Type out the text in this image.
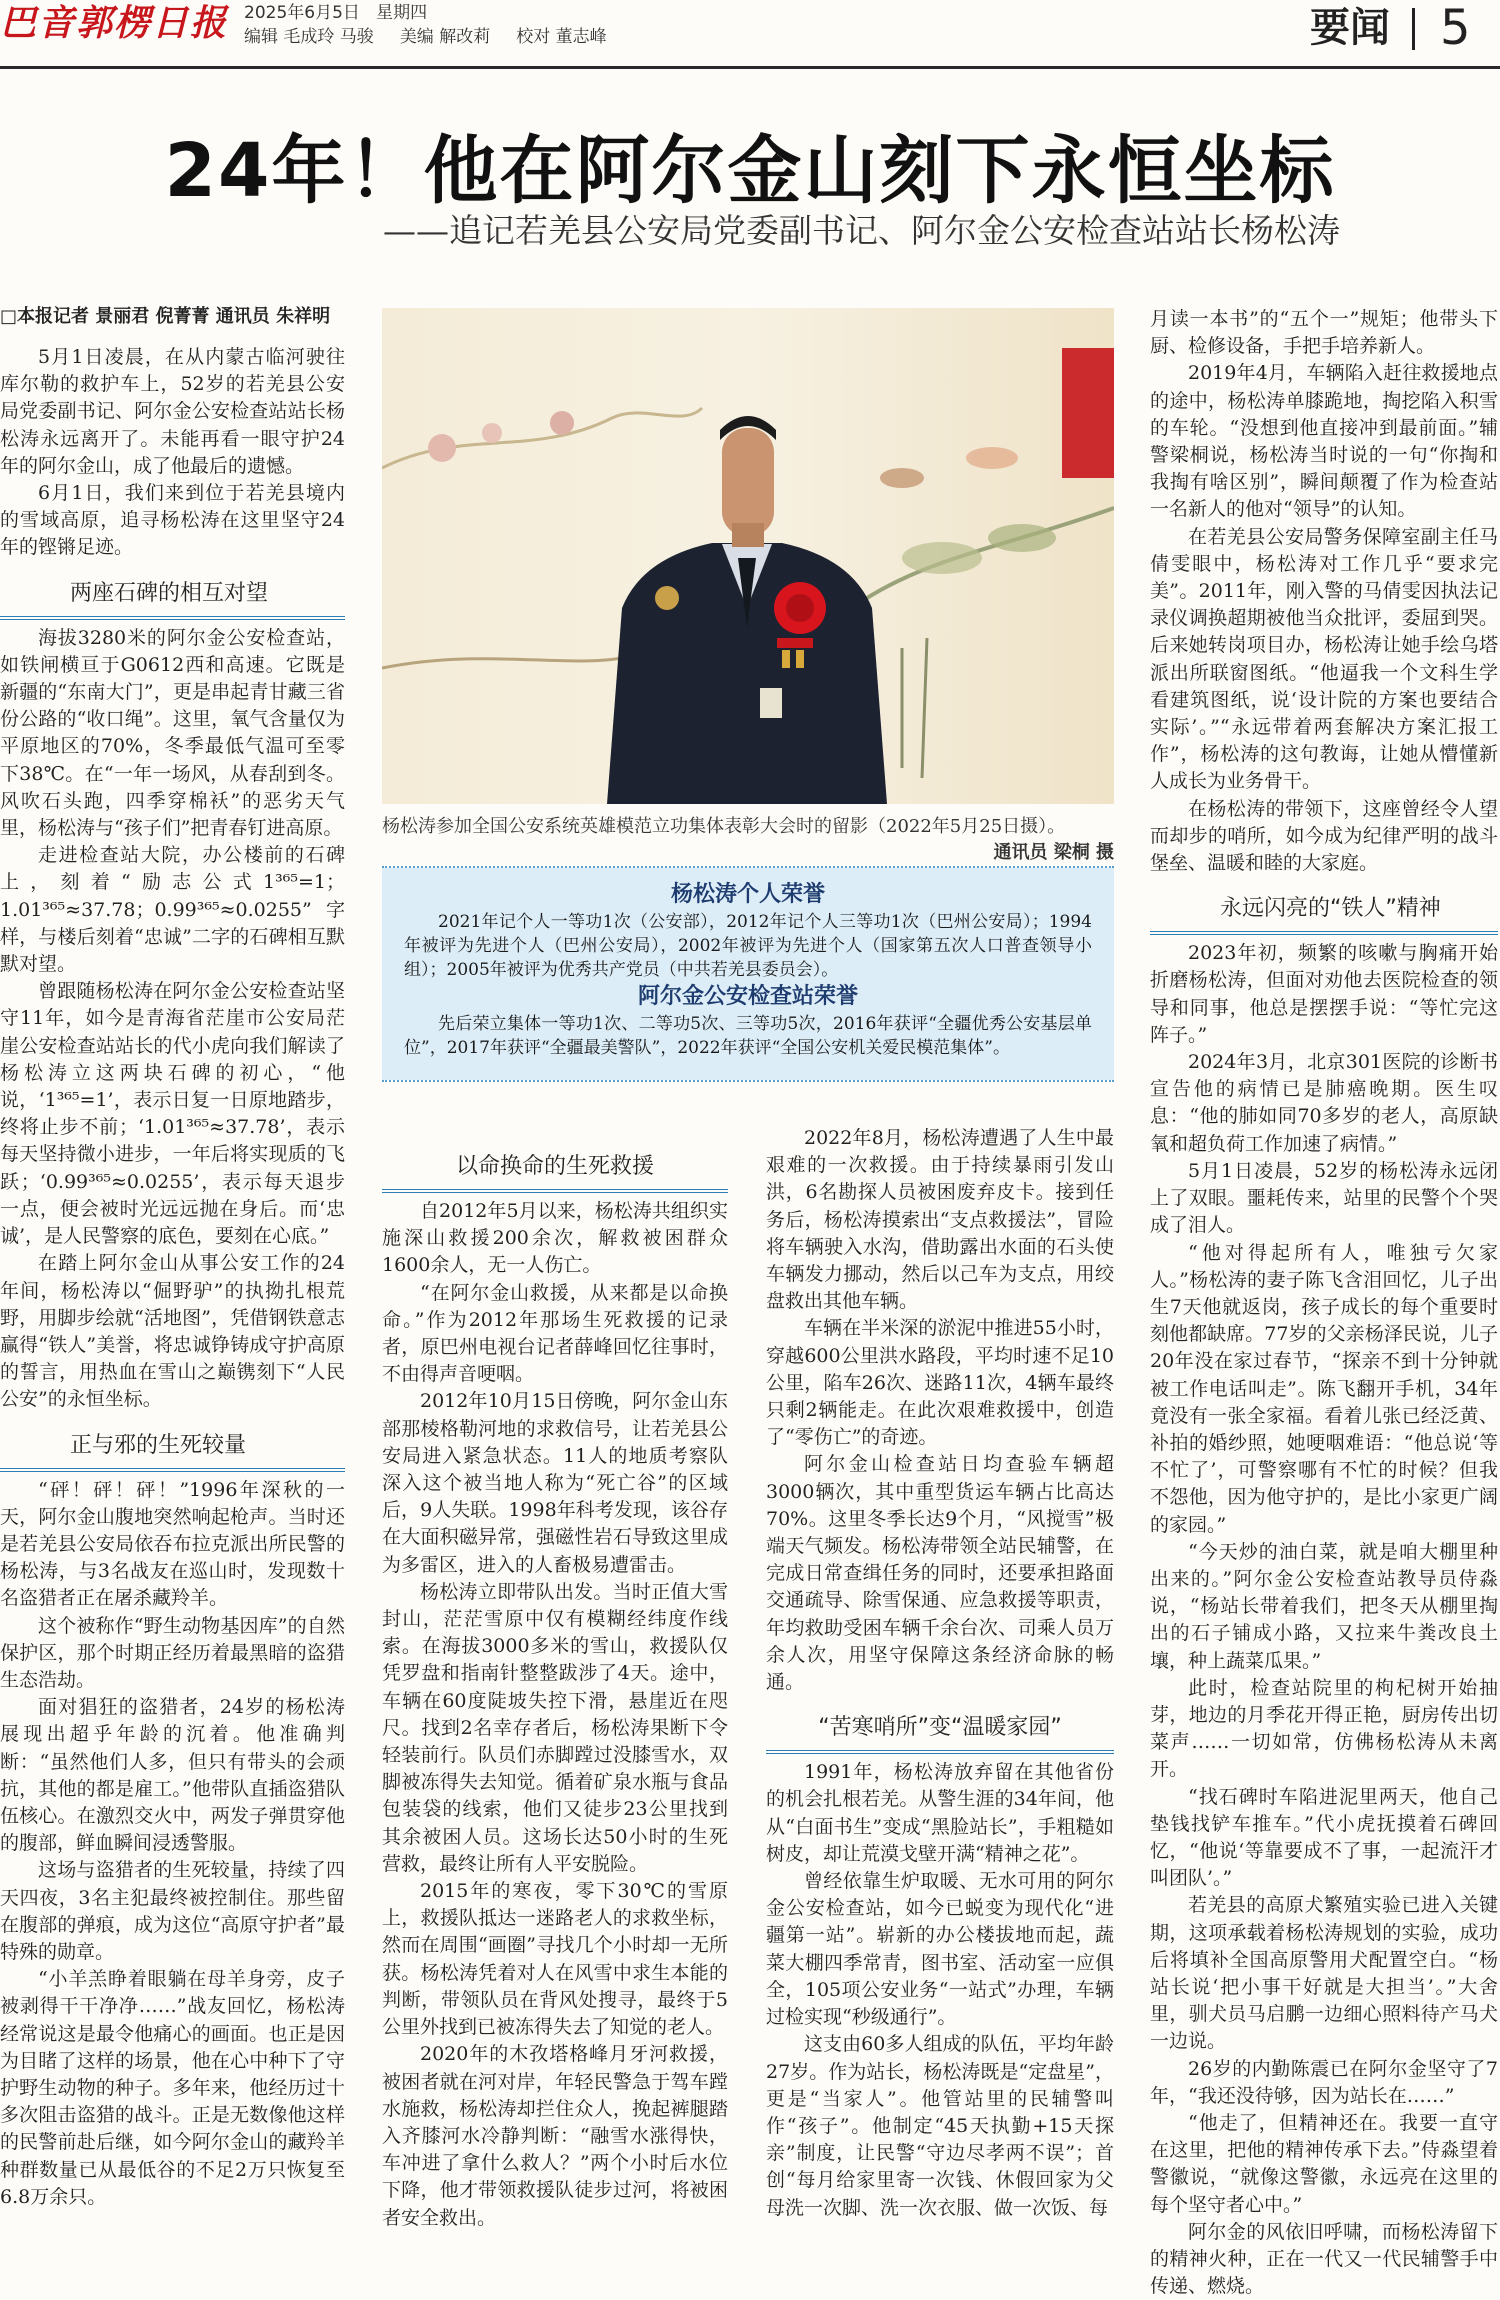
巴音郭楞日报 2025年6月5日 星期四
编辑 毛成玲 马骏 美编 解改莉 校对 董志峰	要闻 5
24年！他在阿尔金山刻下永恒坐标
——追记若羌县公安局党委副书记、阿尔金公安检查站站长杨松涛

□本报记者 景丽君 倪菁菁 通讯员 朱祥明

5月1日凌晨，在从内蒙古临河驶往库尔勒的救护车上，52岁的若羌县公安局党委副书记、阿尔金公安检查站站长杨松涛永远离开了。未能再看一眼守护24年的阿尔金山，成了他最后的遗憾。

6月1日，我们来到位于若羌县境内的雪域高原，追寻杨松涛在这里坚守24年的铿锵足迹。

两座石碑的相互对望

海拔3280米的阿尔金公安检查站，如铁闸横亘于G0612西和高速。它既是新疆的“东南大门”，更是串起青甘藏三省份公路的“收口绳”。这里，氧气含量仅为平原地区的70%，冬季最低气温可至零下38℃。在“一年一场风，从春刮到冬。风吹石头跑，四季穿棉袄”的恶劣天气里，杨松涛与“孩子们”把青春钉进高原。

走进检查站大院，办公楼前的石碑上，刻着“励志公式1³⁶⁵=1；1.01³⁶⁵≈37.78；0.99³⁶⁵≈0.0255”字样，与楼后刻着“忠诚”二字的石碑相互默默对望。

曾跟随杨松涛在阿尔金公安检查站坚守11年，如今是青海省茫崖市公安局茫崖公安检查站站长的代小虎向我们解读了杨松涛立这两块石碑的初心，“他说，‘1³⁶⁵=1’，表示日复一日原地踏步，终将止步不前；‘1.01³⁶⁵≈37.78’，表示每天坚持微小进步，一年后将实现质的飞跃；‘0.99³⁶⁵≈0.0255’，表示每天退步一点，便会被时光远远抛在身后。而‘忠诚’，是人民警察的底色，要刻在心底。”

在踏上阿尔金山从事公安工作的24年间，杨松涛以“倔野驴”的执拗扎根荒野，用脚步绘就“活地图”，凭借钢铁意志赢得“铁人”美誉，将忠诚铮铸成守护高原的誓言，用热血在雪山之巅镌刻下“人民公安”的永恒坐标。

正与邪的生死较量

“砰！砰！砰！”1996年深秋的一天，阿尔金山腹地突然响起枪声。当时还是若羌县公安局依吞布拉克派出所民警的杨松涛，与3名战友在巡山时，发现数十名盗猎者正在屠杀藏羚羊。

这个被称作“野生动物基因库”的自然保护区，那个时期正经历着最黑暗的盗猎生态浩劫。

面对猖狂的盗猎者，24岁的杨松涛展现出超乎年龄的沉着。他准确判断：“虽然他们人多，但只有带头的会顽抗，其他的都是雇工。”他带队直插盗猎队伍核心。在激烈交火中，两发子弹贯穿他的腹部，鲜血瞬间浸透警服。

这场与盗猎者的生死较量，持续了四天四夜，3名主犯最终被控制住。那些留在腹部的弹痕，成为这位“高原守护者”最特殊的勋章。

“小羊羔睁着眼躺在母羊身旁，皮子被剥得干干净净……”战友回忆，杨松涛经常说这是最令他痛心的画面。也正是因为目睹了这样的场景，他在心中种下了守护野生动物的种子。多年来，他经历过十多次阻击盗猎的战斗。正是无数像他这样的民警前赴后继，如今阿尔金山的藏羚羊种群数量已从最低谷的不足2万只恢复至6.8万余只。

杨松涛参加全国公安系统英雄模范立功集体表彰大会时的留影（2022年5月25日摄）。
通讯员 梁桐 摄
杨松涛个人荣誉

2021年记个人一等功1次（公安部），2012年记个人三等功1次（巴州公安局）；1994年被评为先进个人（巴州公安局），2002年被评为先进个人（国家第五次人口普查领导小组）；2005年被评为优秀共产党员（中共若羌县委员会）。

阿尔金公安检查站荣誉

先后荣立集体一等功1次、二等功5次、三等功5次，2016年获评“全疆优秀公安基层单位”，2017年获评“全疆最美警队”，2022年获评“全国公安机关爱民模范集体”。

以命换命的生死救援

自2012年5月以来，杨松涛共组织实施深山救援200余次，解救被困群众1600余人，无一人伤亡。

“在阿尔金山救援，从来都是以命换命。”作为2012年那场生死救援的记录者，原巴州电视台记者薛峰回忆往事时，不由得声音哽咽。

2012年10月15日傍晚，阿尔金山东部那棱格勒河地的求救信号，让若羌县公安局进入紧急状态。11人的地质考察队深入这个被当地人称为“死亡谷”的区域后，9人失联。1998年科考发现，该谷存在大面积磁异常，强磁性岩石导致这里成为多雷区，进入的人畜极易遭雷击。

杨松涛立即带队出发。当时正值大雪封山，茫茫雪原中仅有模糊经纬度作线索。在海拔3000多米的雪山，救援队仅凭罗盘和指南针整整跋涉了4天。途中，车辆在60度陡坡失控下滑，悬崖近在咫尺。找到2名幸存者后，杨松涛果断下令轻装前行。队员们赤脚蹚过没膝雪水，双脚被冻得失去知觉。循着矿泉水瓶与食品包装袋的线索，他们又徒步23公里找到其余被困人员。这场长达50小时的生死营救，最终让所有人平安脱险。

2015年的寒夜，零下30℃的雪原上，救援队抵达一迷路老人的求救坐标，然而在周围“画圈”寻找几个小时却一无所获。杨松涛凭着对人在风雪中求生本能的判断，带领队员在背风处搜寻，最终于5公里外找到已被冻得失去了知觉的老人。

2020年的木孜塔格峰月牙河救援，被困者就在河对岸，年轻民警急于驾车蹚水施救，杨松涛却拦住众人，挽起裤腿踏入齐膝河水冷静判断：“融雪水涨得快，车冲进了拿什么救人？”两个小时后水位下降，他才带领救援队徒步过河，将被困者安全救出。

2022年8月，杨松涛遭遇了人生中最艰难的一次救援。由于持续暴雨引发山洪，6名勘探人员被困废弃皮卡。接到任务后，杨松涛摸索出“支点救援法”，冒险将车辆驶入水沟，借助露出水面的石头使车辆发力挪动，然后以己车为支点，用绞盘救出其他车辆。

车辆在半米深的淤泥中推进55小时，穿越600公里洪水路段，平均时速不足10公里，陷车26次、迷路11次，4辆车最终只剩2辆能走。在此次艰难救援中，创造了“零伤亡”的奇迹。

阿尔金山检查站日均查验车辆超3000辆次，其中重型货运车辆占比高达70%。这里冬季长达9个月，“风搅雪”极端天气频发。杨松涛带领全站民辅警，在完成日常查缉任务的同时，还要承担路面交通疏导、除雪保通、应急救援等职责，年均救助受困车辆千余台次、司乘人员万余人次，用坚守保障这条经济命脉的畅通。

“苦寒哨所”变“温暖家园”

1991年，杨松涛放弃留在其他省份的机会扎根若羌。从警生涯的34年间，他从“白面书生”变成“黑脸站长”，手粗糙如树皮，却让荒漠戈壁开满“精神之花”。

曾经依靠生炉取暖、无水可用的阿尔金公安检查站，如今已蜕变为现代化“进疆第一站”。崭新的办公楼拔地而起，蔬菜大棚四季常青，图书室、活动室一应俱全，105项公安业务“一站式”办理，车辆过检实现“秒级通行”。

这支由60多人组成的队伍，平均年龄27岁。作为站长，杨松涛既是“定盘星”，更是“当家人”。他管站里的民辅警叫作“孩子”。他制定“45天执勤+15天探亲”制度，让民警“守边尽孝两不误”；首创“每月给家里寄一次钱、休假回家为父母洗一次脚、洗一次衣服、做一次饭、每

月读一本书”的“五个一”规矩；他带头下厨、检修设备，手把手培养新人。

2019年4月，车辆陷入赶往救援地点的途中，杨松涛单膝跪地，掏挖陷入积雪的车轮。“没想到他直接冲到最前面。”辅警梁桐说，杨松涛当时说的一句“你掏和我掏有啥区别”，瞬间颠覆了作为检查站一名新人的他对“领导”的认知。

在若羌县公安局警务保障室副主任马倩雯眼中，杨松涛对工作几乎“要求完美”。2011年，刚入警的马倩雯因执法记录仪调换超期被他当众批评，委屈到哭。后来她转岗项目办，杨松涛让她手绘乌塔派出所联窗图纸。“他逼我一个文科生学看建筑图纸，说‘设计院的方案也要结合实际’。”“永远带着两套解决方案汇报工作”，杨松涛的这句教诲，让她从懵懂新人成长为业务骨干。

在杨松涛的带领下，这座曾经令人望而却步的哨所，如今成为纪律严明的战斗堡垒、温暖和睦的大家庭。

永远闪亮的“铁人”精神

2023年初，频繁的咳嗽与胸痛开始折磨杨松涛，但面对劝他去医院检查的领导和同事，他总是摆摆手说：“等忙完这阵子。”

2024年3月，北京301医院的诊断书宣告他的病情已是肺癌晚期。医生叹息：“他的肺如同70多岁的老人，高原缺氧和超负荷工作加速了病情。”

5月1日凌晨，52岁的杨松涛永远闭上了双眼。噩耗传来，站里的民警个个哭成了泪人。

“他对得起所有人，唯独亏欠家人。”杨松涛的妻子陈飞含泪回忆，儿子出生7天他就返岗，孩子成长的每个重要时刻他都缺席。77岁的父亲杨泽民说，儿子20年没在家过春节，“探亲不到十分钟就被工作电话叫走”。陈飞翻开手机，34年竟没有一张全家福。看着儿张已经泛黄、补拍的婚纱照，她哽咽难语：“他总说‘等不忙了’，可警察哪有不忙的时候？但我不怨他，因为他守护的，是比小家更广阔的家园。”

“今天炒的油白菜，就是咱大棚里种出来的。”阿尔金公安检查站教导员侍淼说，“杨站长带着我们，把冬天从棚里掏出的石子铺成小路，又拉来牛粪改良土壤，种上蔬菜瓜果。”

此时，检查站院里的枸杞树开始抽芽，地边的月季花开得正艳，厨房传出切菜声……一切如常，仿佛杨松涛从未离开。

“找石碑时车陷进泥里两天，他自己垫钱找铲车推车。”代小虎抚摸着石碑回忆，“他说‘等靠要成不了事，一起流汗才叫团队’。”

若羌县的高原犬繁殖实验已进入关键期，这项承载着杨松涛规划的实验，成功后将填补全国高原警用犬配置空白。“杨站长说‘把小事干好就是大担当’。”大舍里，驯犬员马启鹏一边细心照料待产马犬一边说。

26岁的内勤陈震已在阿尔金坚守了7年，“我还没待够，因为站长在……”

“他走了，但精神还在。我要一直守在这里，把他的精神传承下去。”侍淼望着警徽说，“就像这警徽，永远亮在这里的每个坚守者心中。”

阿尔金的风依旧呼啸，而杨松涛留下的精神火种，正在一代又一代民辅警手中传递、燃烧。
